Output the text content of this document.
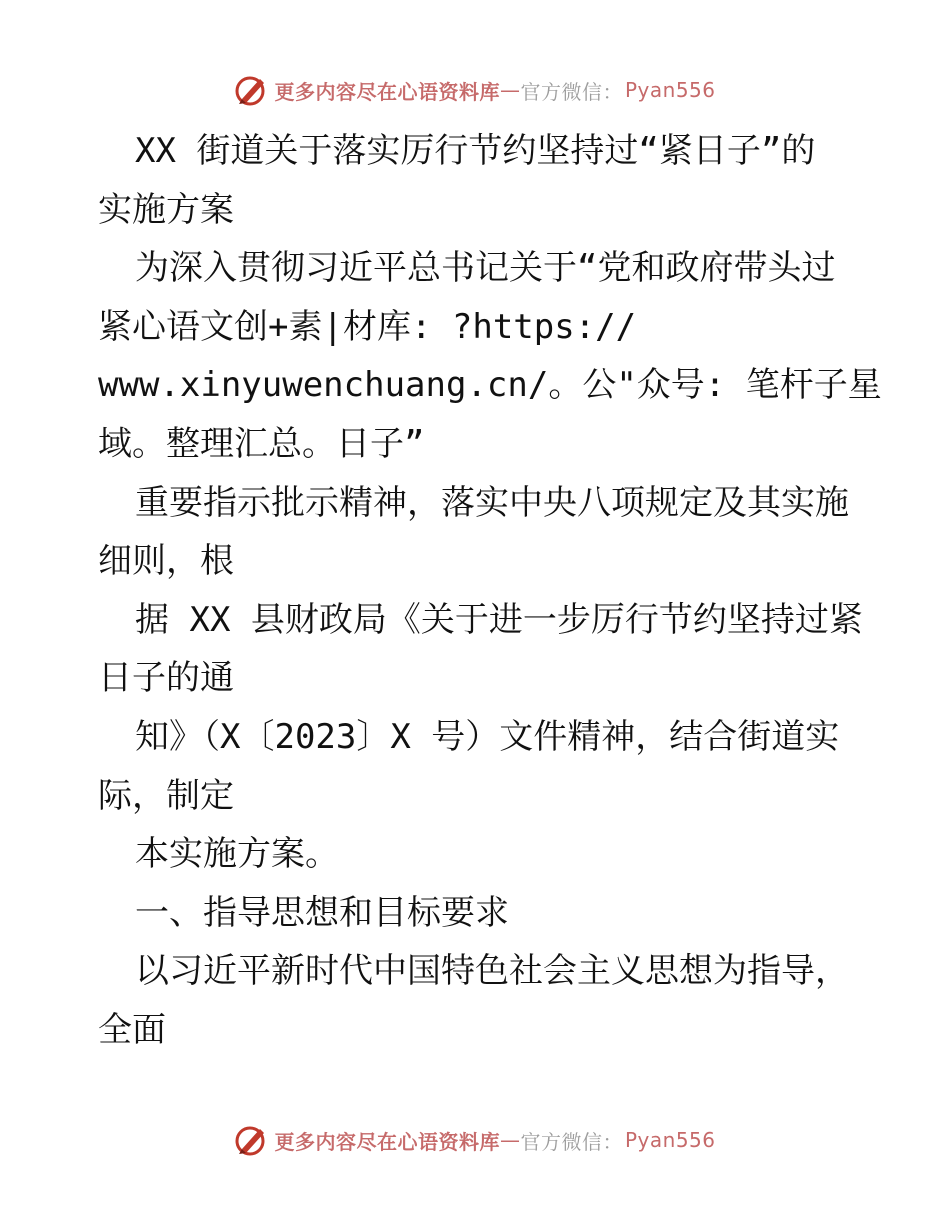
更多内容尽在心语资料库 — 官方微信： Pyan556
XX 街道关于落实厉行节约坚持过“紧日子”的
实施方案
为深入贯彻习近平总书记关于“党和政府带头过
紧心语文创+素|材库: ?https://
www.xinyuwenchuang.cn/。公"众号: 笔杆子星
域。整理汇总。日子”
重要指示批示精神，落实中央八项规定及其实施
细则，根
据 XX 县财政局《关于进一步厉行节约坚持过紧
日子的通
知》（X〔2023〕X 号）文件精神，结合街道实
际，制定
本实施方案。
一、指导思想和目标要求
以习近平新时代中国特色社会主义思想为指导，
全面
更多内容尽在心语资料库 — 官方微信： Pyan556
